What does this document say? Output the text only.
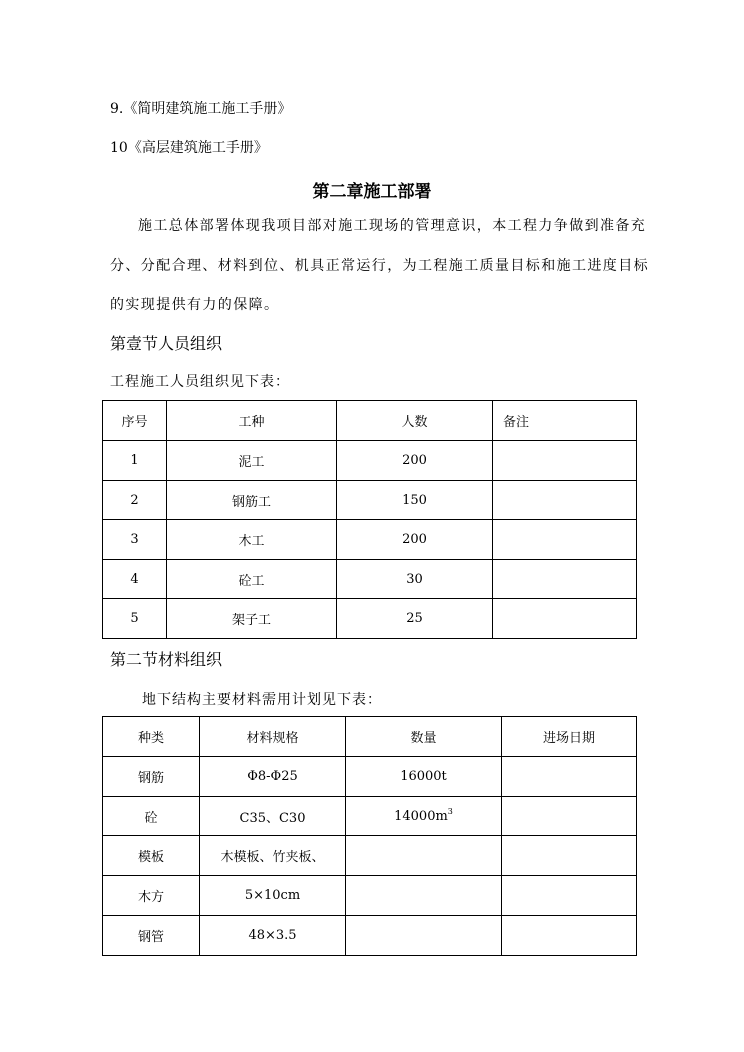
9.《简明建筑施工施工手册》
10《高层建筑施工手册》
第二章施工部署
施工总体部署体现我项目部对施工现场的管理意识，本工程力争做到准备充
分、分配合理、材料到位、机具正常运行，为工程施工质量目标和施工进度目标
的实现提供有力的保障。
第壹节人员组织
工程施工人员组织见下表：
序号	工种	人数	备注
1	泥工	200	
2	钢筋工	150	
3	木工	200	
4	砼工	30	
5	架子工	25	
第二节材料组织
地下结构主要材料需用计划见下表：
种类	材料规格	数量	进场日期
钢筋	Φ8-Φ25	16000t	
砼	C35、C30	$14000m^3$	
模板	木模板、竹夹板、		
木方	5×10cm		
钢管	48×3.5		
